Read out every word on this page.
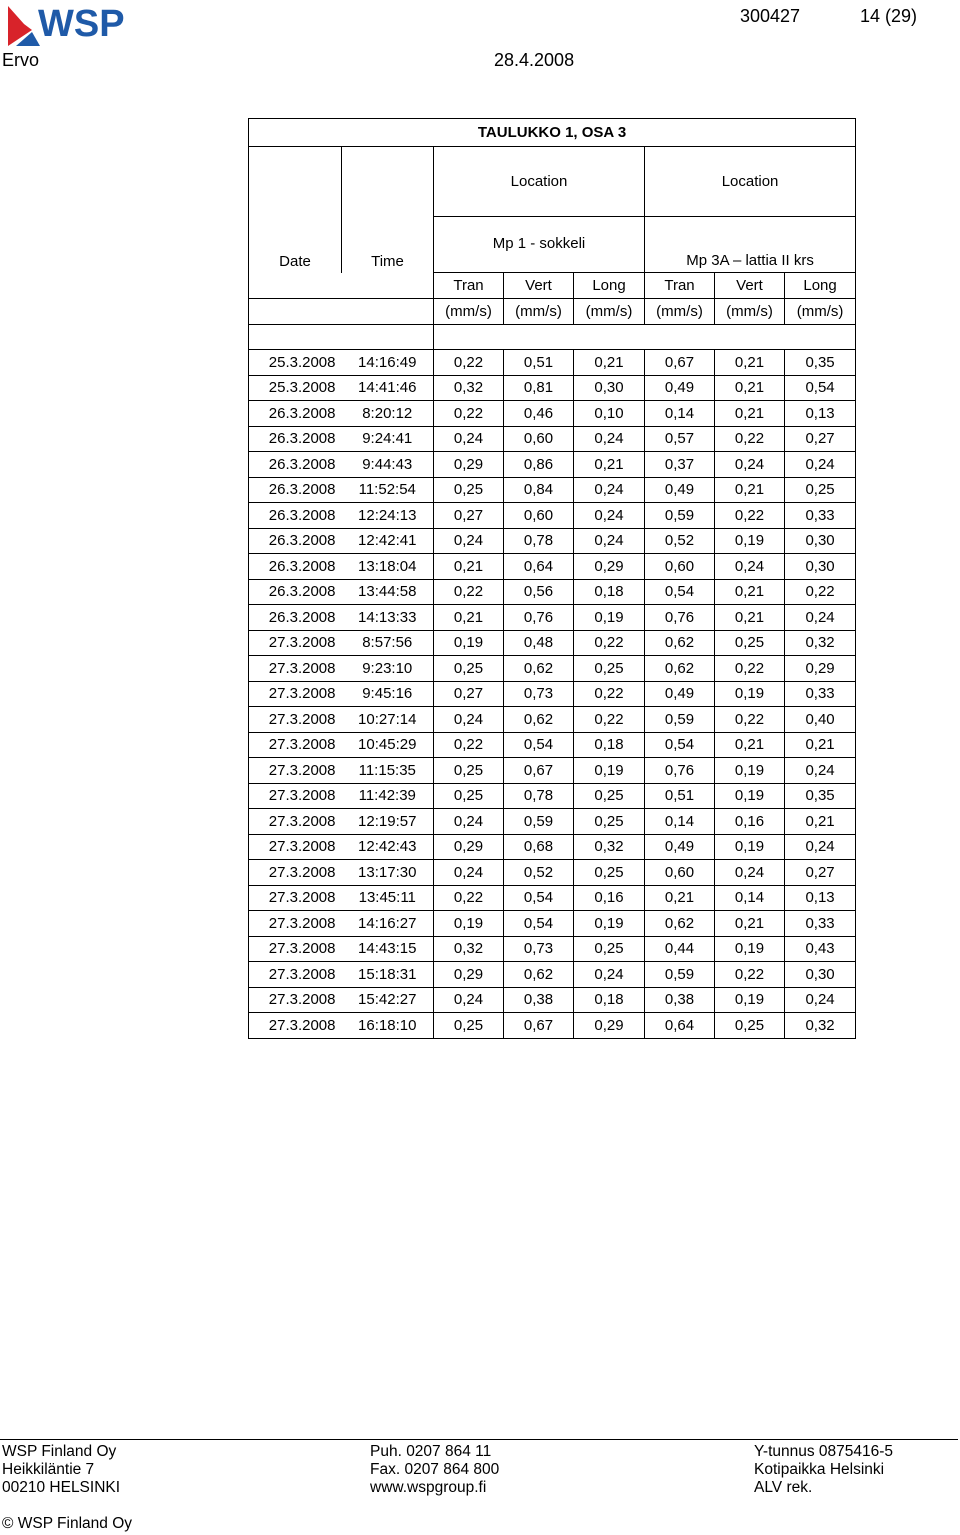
WSP	300427	14 (29)
Ervo	28.4.2008
TAULUKKO 1, OSA 3							
Date	Time	Location			Location		
		Mp 1 - sokkeli			Mp 3A – lattia II krs		
		Tran	Vert	Long	Tran	Vert	Long
		(mm/s)	(mm/s)	(mm/s)	(mm/s)	(mm/s)	(mm/s)

25.3.2008	14:16:49	0,22	0,51	0,21	0,67	0,21	0,35
25.3.2008	14:41:46	0,32	0,81	0,30	0,49	0,21	0,54
26.3.2008	8:20:12	0,22	0,46	0,10	0,14	0,21	0,13
26.3.2008	9:24:41	0,24	0,60	0,24	0,57	0,22	0,27
26.3.2008	9:44:43	0,29	0,86	0,21	0,37	0,24	0,24
26.3.2008	11:52:54	0,25	0,84	0,24	0,49	0,21	0,25
26.3.2008	12:24:13	0,27	0,60	0,24	0,59	0,22	0,33
26.3.2008	12:42:41	0,24	0,78	0,24	0,52	0,19	0,30
26.3.2008	13:18:04	0,21	0,64	0,29	0,60	0,24	0,30
26.3.2008	13:44:58	0,22	0,56	0,18	0,54	0,21	0,22
26.3.2008	14:13:33	0,21	0,76	0,19	0,76	0,21	0,24
27.3.2008	8:57:56	0,19	0,48	0,22	0,62	0,25	0,32
27.3.2008	9:23:10	0,25	0,62	0,25	0,62	0,22	0,29
27.3.2008	9:45:16	0,27	0,73	0,22	0,49	0,19	0,33
27.3.2008	10:27:14	0,24	0,62	0,22	0,59	0,22	0,40
27.3.2008	10:45:29	0,22	0,54	0,18	0,54	0,21	0,21
27.3.2008	11:15:35	0,25	0,67	0,19	0,76	0,19	0,24
27.3.2008	11:42:39	0,25	0,78	0,25	0,51	0,19	0,35
27.3.2008	12:19:57	0,24	0,59	0,25	0,14	0,16	0,21
27.3.2008	12:42:43	0,29	0,68	0,32	0,49	0,19	0,24
27.3.2008	13:17:30	0,24	0,52	0,25	0,60	0,24	0,27
27.3.2008	13:45:11	0,22	0,54	0,16	0,21	0,14	0,13
27.3.2008	14:16:27	0,19	0,54	0,19	0,62	0,21	0,33
27.3.2008	14:43:15	0,32	0,73	0,25	0,44	0,19	0,43
27.3.2008	15:18:31	0,29	0,62	0,24	0,59	0,22	0,30
27.3.2008	15:42:27	0,24	0,38	0,18	0,38	0,19	0,24
27.3.2008	16:18:10	0,25	0,67	0,29	0,64	0,25	0,32
WSP Finland Oy
Heikkiläntie 7
00210 HELSINKI
Puh. 0207 864 11
Fax. 0207 864 800
www.wspgroup.fi
Y-tunnus 0875416-5
Kotipaikka Helsinki
ALV rek.
© WSP Finland Oy
